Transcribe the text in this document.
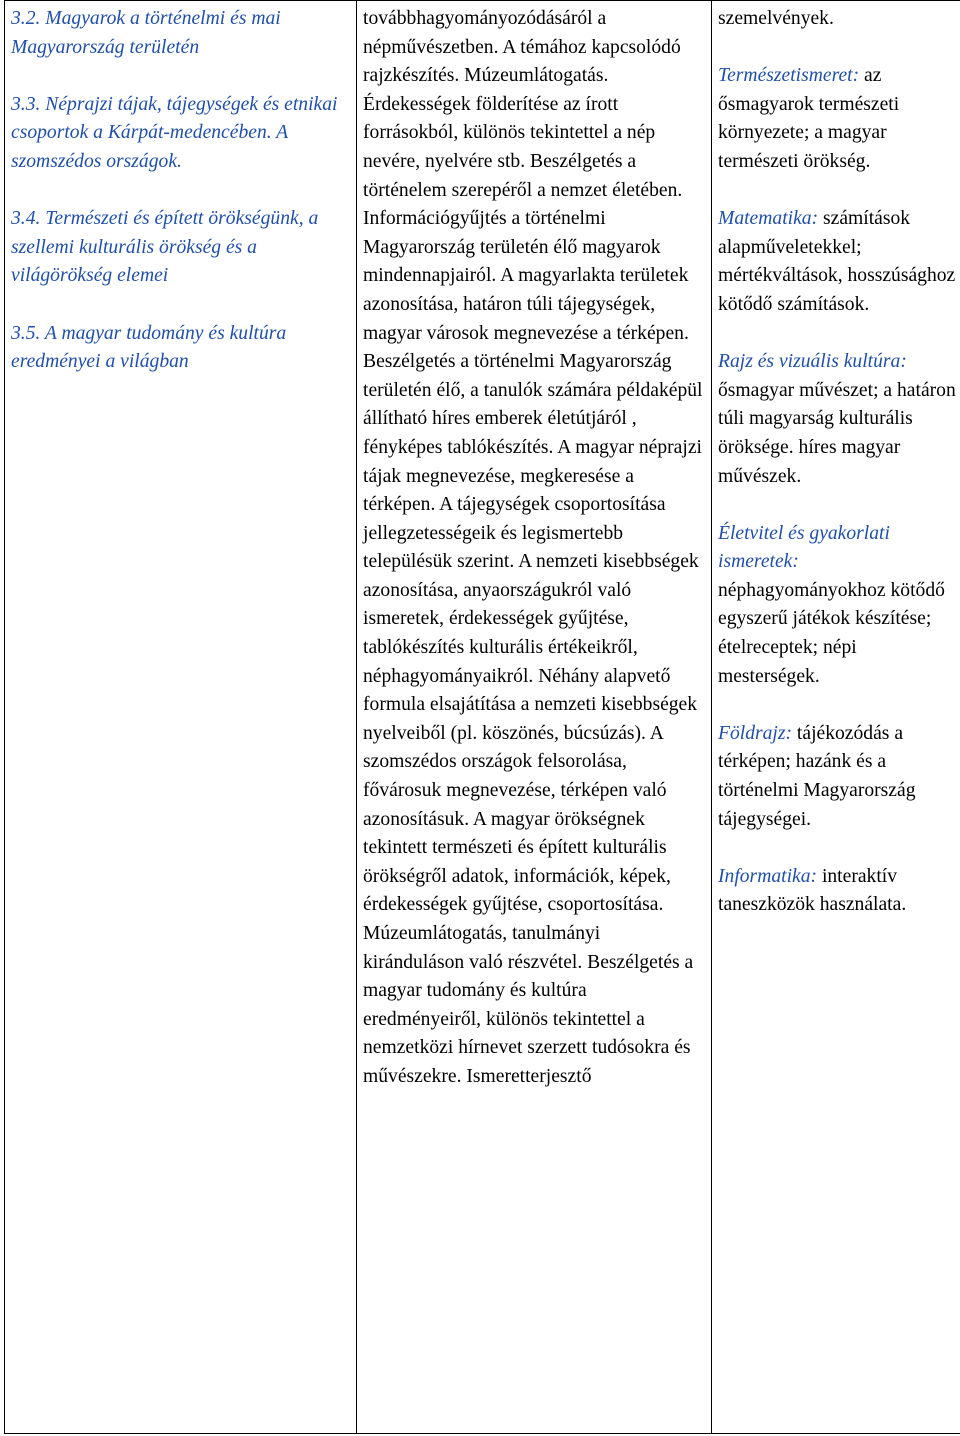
3.2. Magyarok a történelmi és mai Magyarország területén
3.3. Néprajzi tájak, tájegységek és etnikai csoportok a Kárpát-medencében. A szomszédos országok.
3.4. Természeti és épített örökségünk, a szellemi kulturális örökség és a világörökség elemei
3.5. A magyar tudomány és kultúra eredményei a világban

továbbhagyományozódásáról a népművészetben. A témához kapcsolódó rajzkészítés. Múzeumlátogatás. Érdekességek földerítése az írott forrásokból, különös tekintettel a nép nevére, nyelvére stb. Beszélgetés a történelem szerepéről a nemzet életében. Információgyűjtés a történelmi Magyarország területén élő magyarok mindennapjairól. A magyarlakta területek azonosítása, határon túli tájegységek, magyar városok megnevezése a térképen. Beszélgetés a történelmi Magyarország területén élő, a tanulók számára példaképül állítható híres emberek életútjáról , fényképes tablókészítés. A magyar néprajzi tájak megnevezése, megkeresése a térképen. A tájegységek csoportosítása jellegzetességeik és legismertebb településük szerint. A nemzeti kisebbségek azonosítása, anyaországukról való ismeretek, érdekességek gyűjtése, tablókészítés kulturális értékeikről, néphagyományaikról. Néhány alapvető formula elsajátítása a nemzeti kisebbségek nyelveiből (pl. köszönés, búcsúzás). A szomszédos országok felsorolása, fővárosuk megnevezése, térképen való azonosításuk. A magyar örökségnek tekintett természeti és épített kulturális örökségről adatok, információk, képek, érdekességek gyűjtése, csoportosítása. Múzeumlátogatás, tanulmányi kiránduláson való részvétel. Beszélgetés a magyar tudomány és kultúra eredményeiről, különös tekintettel a nemzetközi hírnevet szerzett tudósokra és művészekre. Ismeretterjesztő

szemelvények.
Természetismeret: az ősmagyarok természeti környezete; a magyar természeti örökség.
Matematika: számítások alapműveletekkel; mértékváltások, hosszúsághoz kötődő számítások.
Rajz és vizuális kultúra: ősmagyar művészet; a határon túli magyarság kulturális öröksége. híres magyar művészek.
Életvitel és gyakorlati ismeretek: néphagyományokhoz kötődő egyszerű játékok készítése; ételreceptek; népi mesterségek.
Földrajz: tájékozódás a térképen; hazánk és a történelmi Magyarország tájegységei.
Informatika: interaktív taneszközök használata.
